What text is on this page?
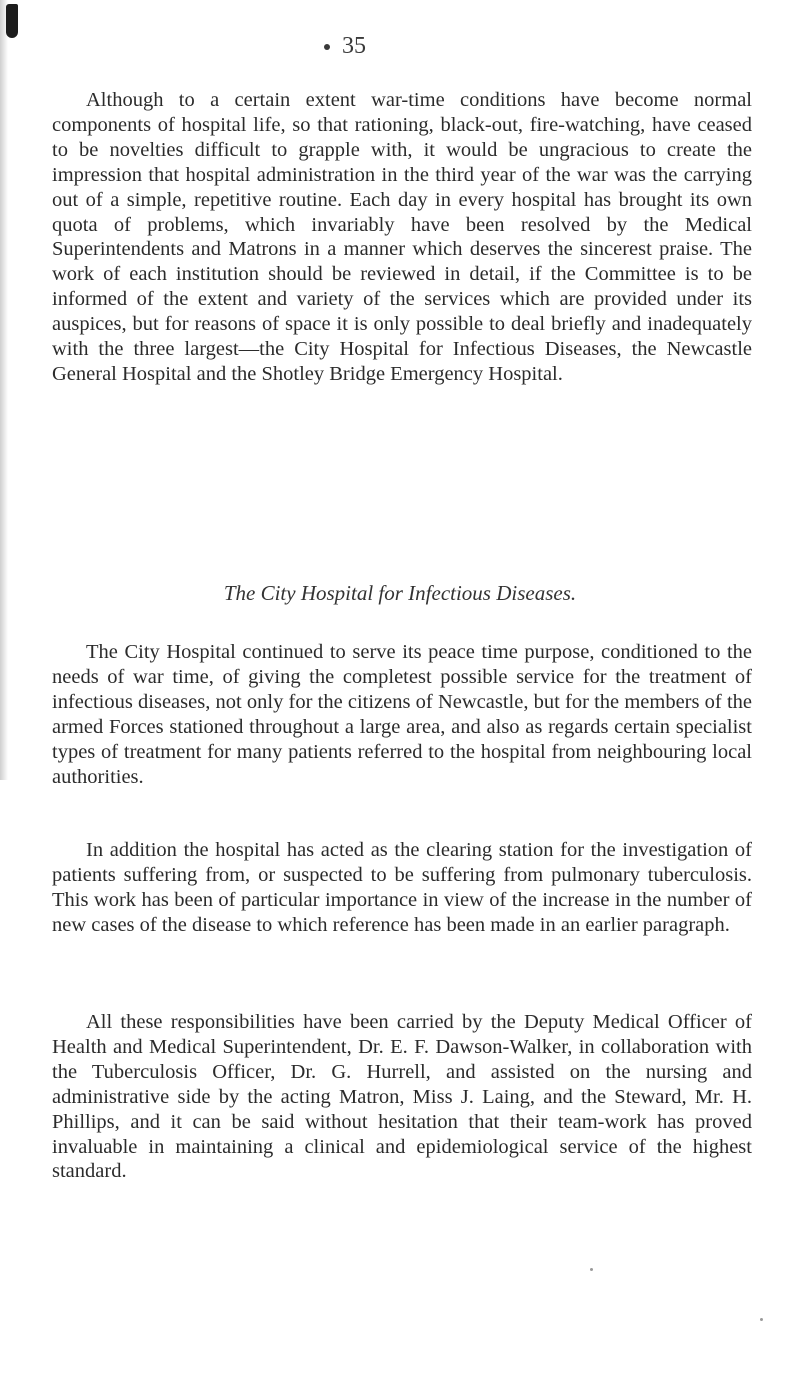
35

Although to a certain extent war-time conditions have become normal components of hospital life, so that rationing, black-out, fire-watching, have ceased to be novelties difficult to grapple with, it would be ungracious to create the impression that hospital administration in the third year of the war was the carrying out of a simple, repetitive routine. Each day in every hospital has brought its own quota of problems, which invariably have been resolved by the Medical Superintendents and Matrons in a manner which deserves the sincerest praise. The work of each institution should be reviewed in detail, if the Committee is to be informed of the extent and variety of the services which are provided under its auspices, but for reasons of space it is only possible to deal briefly and inadequately with the three largest—the City Hospital for Infectious Diseases, the Newcastle General Hospital and the Shotley Bridge Emergency Hospital.

The City Hospital for Infectious Diseases.

The City Hospital continued to serve its peace time purpose, conditioned to the needs of war time, of giving the completest possible service for the treatment of infectious diseases, not only for the citizens of Newcastle, but for the members of the armed Forces stationed throughout a large area, and also as regards certain specialist types of treatment for many patients referred to the hospital from neighbouring local authorities.

In addition the hospital has acted as the clearing station for the investigation of patients suffering from, or suspected to be suffering from pulmonary tuberculosis. This work has been of particular importance in view of the increase in the number of new cases of the disease to which reference has been made in an earlier paragraph.

All these responsibilities have been carried by the Deputy Medical Officer of Health and Medical Superintendent, Dr. E. F. Dawson-Walker, in collaboration with the Tuberculosis Officer, Dr. G. Hurrell, and assisted on the nursing and administrative side by the acting Matron, Miss J. Laing, and the Steward, Mr. H. Phillips, and it can be said without hesitation that their team-work has proved invaluable in maintaining a clinical and epidemiological service of the highest standard.
